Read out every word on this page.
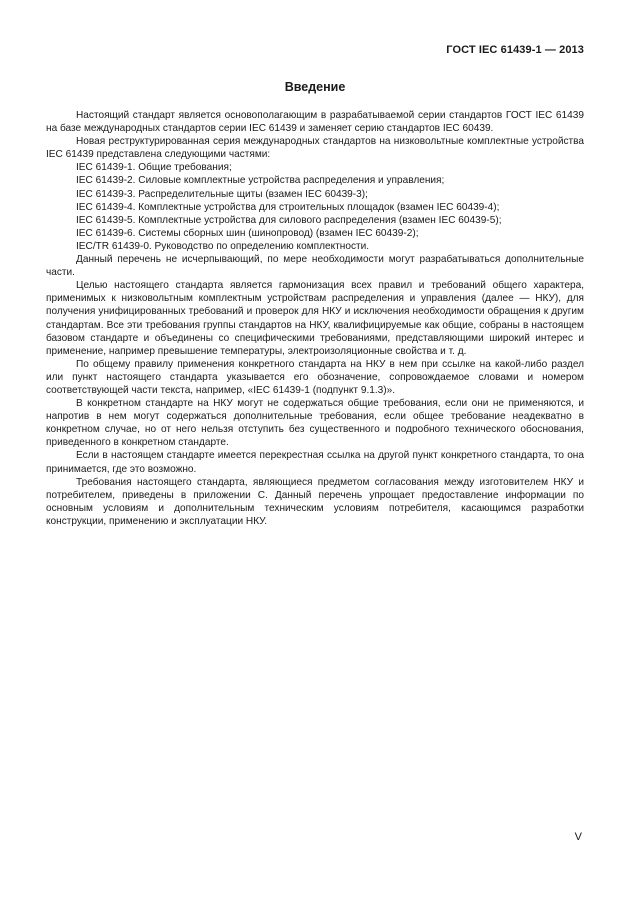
ГОСТ IEC 61439-1 — 2013
Введение

Настоящий стандарт является основополагающим в разрабатываемой серии стандартов ГОСТ IEC 61439 на базе международных стандартов серии IEC 61439 и заменяет серию стандартов IEC 60439.

Новая реструктурированная серия международных стандартов на низковольтные комплектные устройства IEC 61439 представлена следующими частями:

IEC 61439-1. Общие требования;

IEC 61439-2. Силовые комплектные устройства распределения и управления;

IEC 61439-3. Распределительные щиты (взамен IEC 60439-3);

IEC 61439-4. Комплектные устройства для строительных площадок (взамен IEC 60439-4);

IEC 61439-5. Комплектные устройства для силового распределения (взамен IEC 60439-5);

IEC 61439-6. Системы сборных шин (шинопровод) (взамен IEC 60439-2);

IEC/TR 61439-0. Руководство по определению комплектности.

Данный перечень не исчерпывающий, по мере необходимости могут разрабатываться дополнительные части.

Целью настоящего стандарта является гармонизация всех правил и требований общего характера, применимых к низковольтным комплектным устройствам распределения и управления (далее — НКУ), для получения унифицированных требований и проверок для НКУ и исключения необходимости обращения к другим стандартам. Все эти требования группы стандартов на НКУ, квалифицируемые как общие, собраны в настоящем базовом стандарте и объединены со специфическими требованиями, представляющими широкий интерес и применение, например превышение температуры, электроизоляционные свойства и т. д.

По общему правилу применения конкретного стандарта на НКУ в нем при ссылке на какой-либо раздел или пункт настоящего стандарта указывается его обозначение, сопровождаемое словами и номером соответствующей части текста, например, «IEC 61439-1 (подпункт 9.1.3)».

В конкретном стандарте на НКУ могут не содержаться общие требования, если они не применяются, и напротив в нем могут содержаться дополнительные требования, если общее требование неадекватно в конкретном случае, но от него нельзя отступить без существенного и подробного технического обоснования, приведенного в конкретном стандарте.

Если в настоящем стандарте имеется перекрестная ссылка на другой пункт конкретного стандарта, то она принимается, где это возможно.

Требования настоящего стандарта, являющиеся предметом согласования между изготовителем НКУ и потребителем, приведены в приложении С. Данный перечень упрощает предоставление информации по основным условиям и дополнительным техническим условиям потребителя, касающимся разработки конструкции, применению и эксплуатации НКУ.

V
